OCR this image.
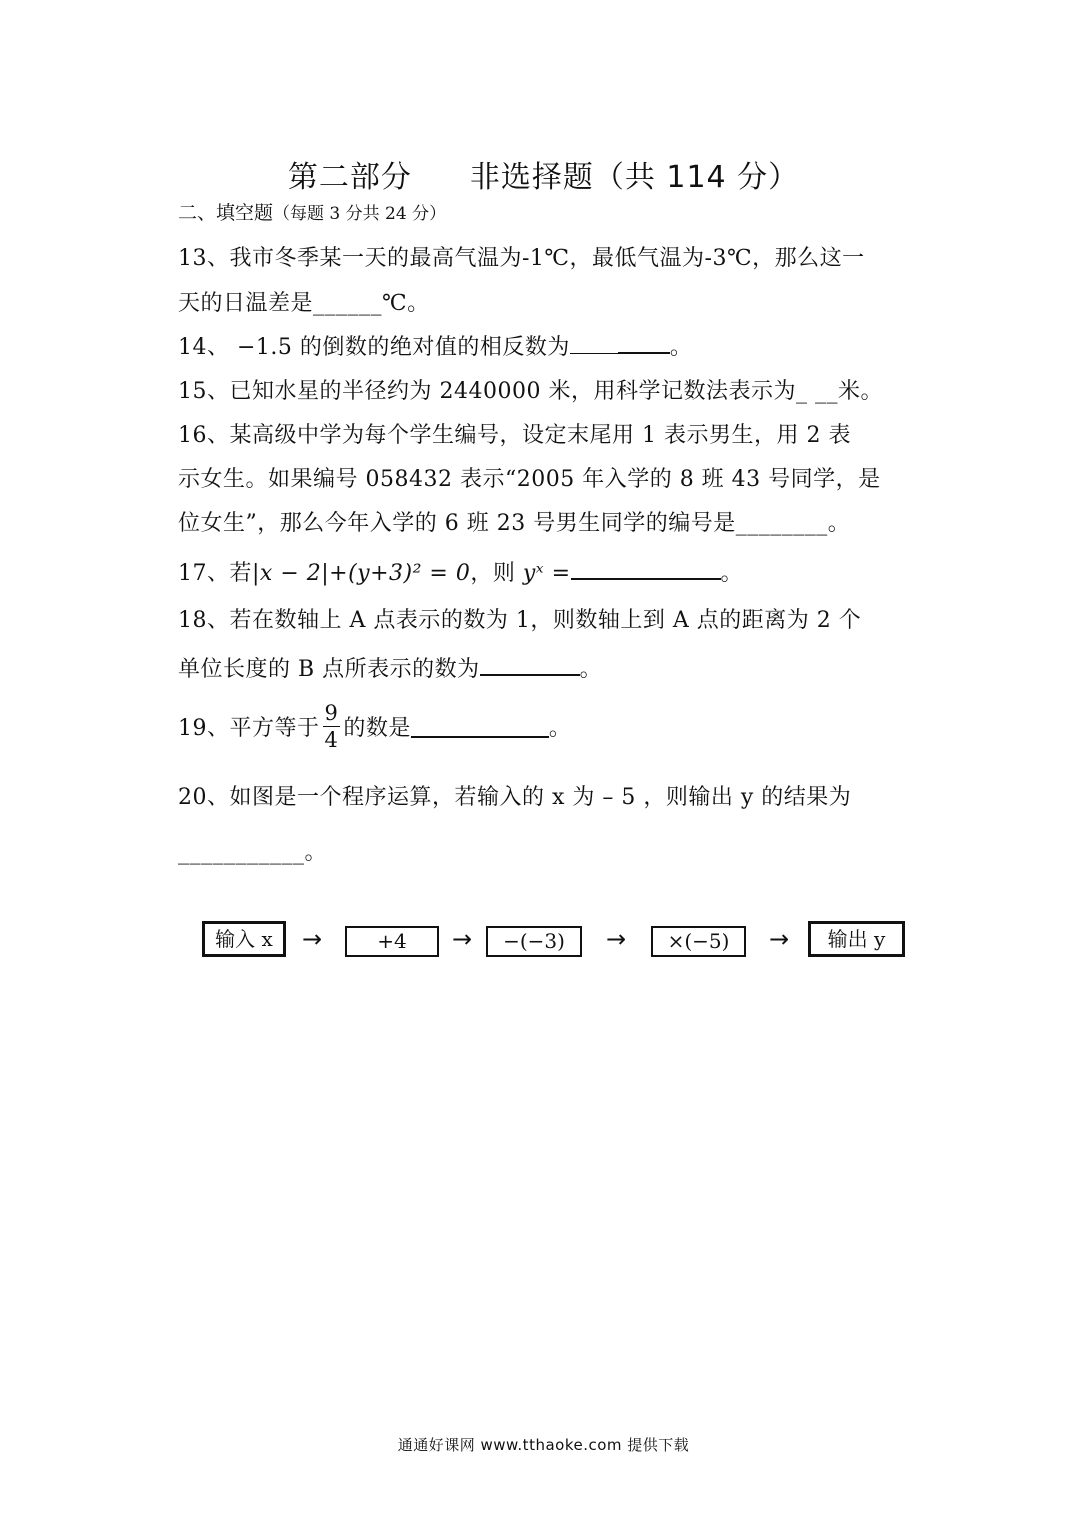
第二部分 非选择题（共 114 分）
二、填空题（每题 3 分共 24 分）
13、我市冬季某一天的最高气温为-1℃，最低气温为-3℃，那么这一
天的日温差是______℃。
14、 −1.5 的倒数的绝对值的相反数为	。
15、已知水星的半径约为 2440000 米，用科学记数法表示为_ __米。
16、某高级中学为每个学生编号，设定末尾用 1 表示男生，用 2 表
示女生。如果编号 058432 表示“2005 年入学的 8 班 43 号同学，是
位女生”，那么今年入学的 6 班 23 号男生同学的编号是________。
17、若|x − 2|+(y+3)² = 0，则 yˣ =	。
18、若在数轴上 A 点表示的数为 1，则数轴上到 A 点的距离为 2 个
单位长度的 B 点所表示的数为	。
19、平方等于 $\frac{9}{4}$ 的数是	。
20、如图是一个程序运算，若输入的 x 为 – 5 ，则输出 y 的结果为
___________。
输入 x	→	+4	→	−(−3)	→	×(−5)	→	输出 y
通通好课网 www.tthaoke.com 提供下载
